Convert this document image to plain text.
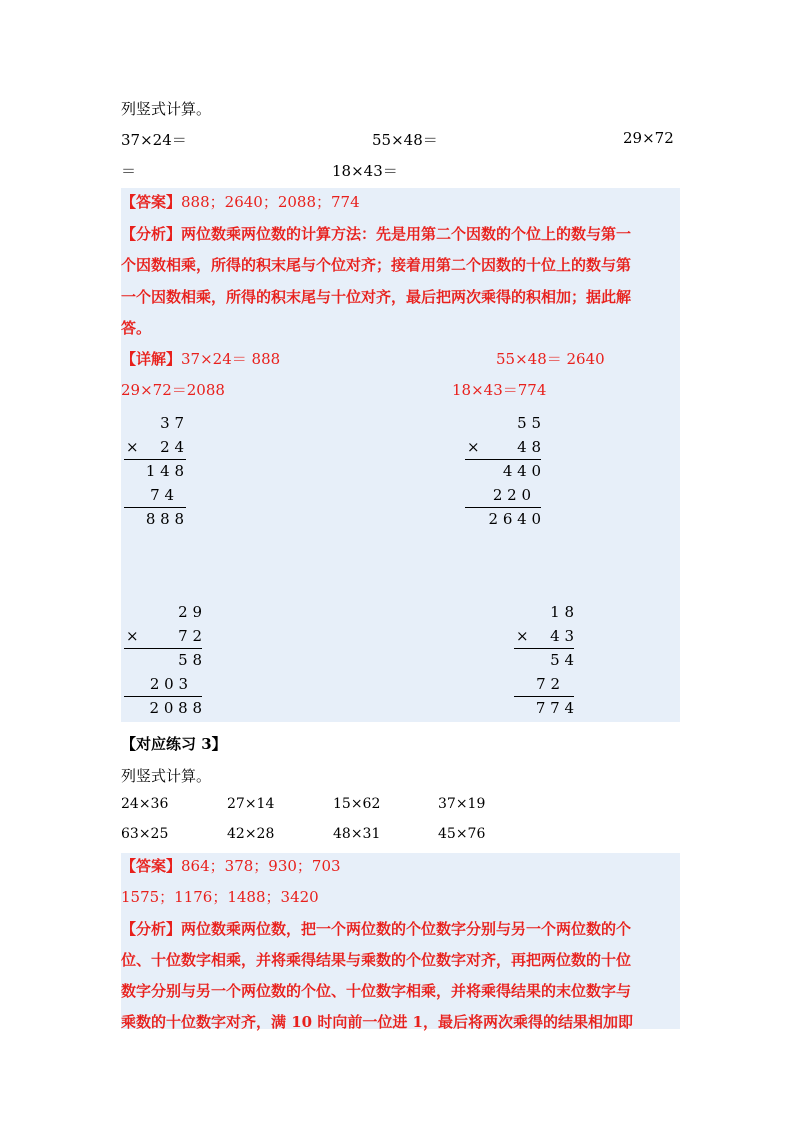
列竖式计算。
37×24＝	55×48＝	29×72
＝	18×43＝
【答案】888；2640；2088；774
【分析】两位数乘两位数的计算方法：先是用第二个因数的个位上的数与第一
个因数相乘，所得的积末尾与个位对齐；接着用第二个因数的十位上的数与第
一个因数相乘，所得的积末尾与十位对齐，最后把两次乘得的积相加；据此解
答。
【详解】37×24＝ 888	55×48＝ 2640
29×72＝2088	18×43＝774
3 7
× 2 4
1 4 8
7 4
8 8 8
5 5
×	4 8
4 4 0
2 2 0
2 6 4 0
2 9
×	7 2
5 8
2 0 3
2 0 8 8
1 8
× 4 3
5 4
7 2
7 7 4
【对应练习 3】
列竖式计算。
24×36	27×14	15×62	37×19
63×25	42×28	48×31	45×76
【答案】864；378；930；703
1575；1176；1488；3420
【分析】两位数乘两位数，把一个两位数的个位数字分别与另一个两位数的个
位、十位数字相乘，并将乘得结果与乘数的个位数字对齐，再把两位数的十位
数字分别与另一个两位数的个位、十位数字相乘，并将乘得结果的末位数字与
乘数的十位数字对齐，满 10 时向前一位进 1，最后将两次乘得的结果相加即
